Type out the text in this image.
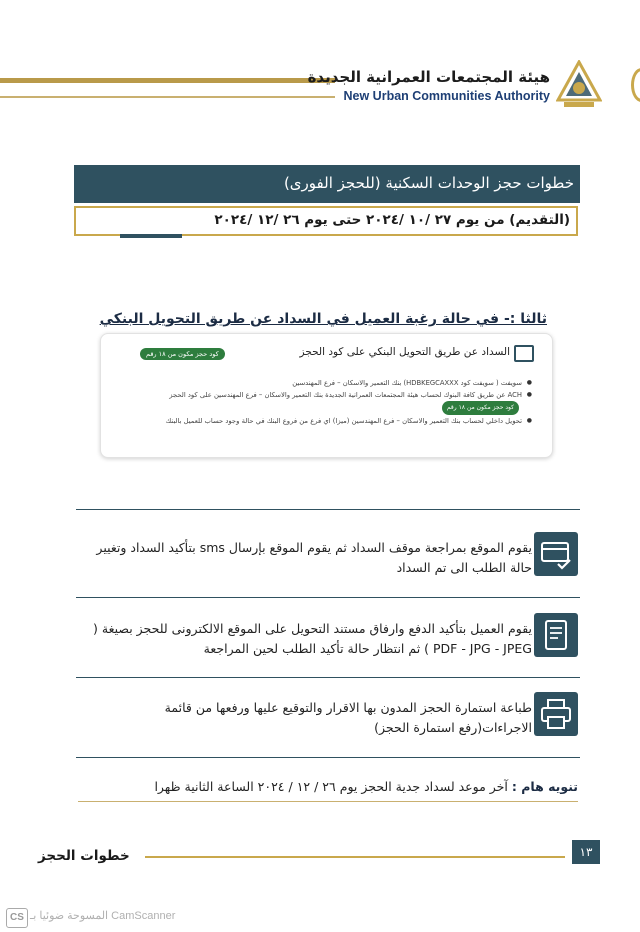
هيئة المجتمعات العمرانية الجديدة
New Urban Communities Authority
خطوات حجز الوحدات السكنية (للحجز الفورى)
(التقديم) من يوم ٢٧ /١٠ /٢٠٢٤ حتى يوم ٢٦ /١٢ /٢٠٢٤
ثالثا :- في حالة رغبة العميل في السداد عن طريق التحويل البنكي
السداد عن طريق التحويل البنكي على كود الحجز
كود حجز مكون من ١٨ رقم
● سويفت ( سويفت كود HDBKEGCAXXX) بنك التعمير والاسكان – فرع المهندسين
● ACH عن طريق كافة البنوك لحساب هيئة المجتمعات العمرانية الجديدة بنك التعمير والاسكان – فرع المهندسين على كود الحجزكود حجز مكون من ١٨ رقم
● تحويل داخلي لحساب بنك التعمير والاسكان – فرع المهندسين (ميزا) اي فرع من فروع البنك في حالة وجود حساب للعميل بالبنك
يقوم الموقع بمراجعة موقف السداد ثم يقوم الموقع بإرسال sms بتأكيد السداد وتغيير حالة الطلب الى تم السداد
يقوم العميل بتأكيد الدفع وارفاق مستند التحويل على الموقع الالكترونى للحجز بصيغة ( PDF - JPG - JPEG ) ثم انتظار حالة تأكيد الطلب لحين المراجعة
طباعة استمارة الحجز المدون بها الاقرار والتوقيع عليها ورفعها من قائمة الاجراءات(رفع استمارة الحجز)
تنويه هام : آخر موعد لسداد جدية الحجز يوم ٢٦ / ١٢ / ٢٠٢٤ الساعة الثانية ظهرا
خطوات الحجز	١٣
CS المسوحة ضوئيا بـ CamScanner
